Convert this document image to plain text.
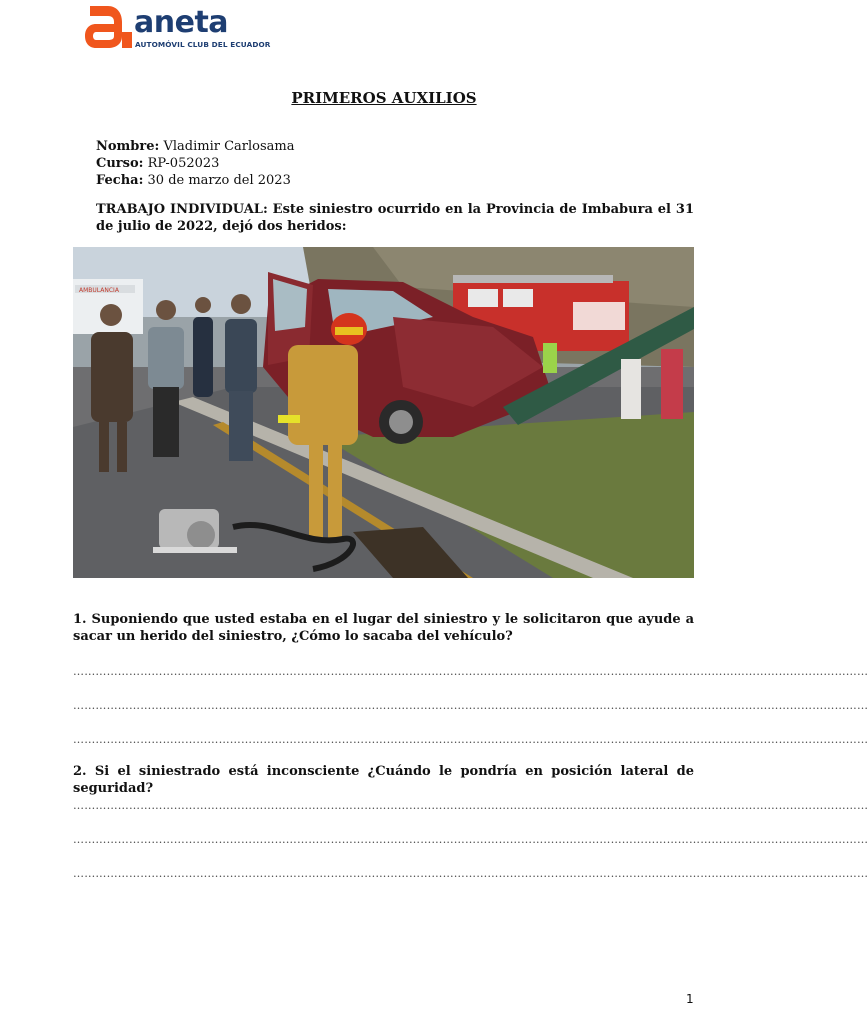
aneta
AUTOMÓVIL CLUB DEL ECUADOR
PRIMEROS AUXILIOS
Nombre: Vladimir Carlosama
Curso: RP-052023
Fecha: 30 de marzo del 2023
TRABAJO INDIVIDUAL: Este siniestro ocurrido en la Provincia de Imbabura el 31 de julio de 2022, dejó dos heridos:
AMBULANCIA
1. Suponiendo que usted estaba en el lugar del siniestro y le solicitaron que ayude a sacar un herido del siniestro, ¿Cómo lo sacaba del vehículo?
……………………………………………………………………………………………………………………………………………………………………………………………
……………………………………………………………………………………………………………………………………………………………………………………………
……………………………………………………………………………………………………………………………………………………………………………………………
2. Si el siniestrado está inconsciente ¿Cuándo le pondría en posición lateral de seguridad?
……………………………………………………………………………………………………………………………………………………………………………………………
……………………………………………………………………………………………………………………………………………………………………………………………
……………………………………………………………………………………………………………………………………………………………………………………………
1
